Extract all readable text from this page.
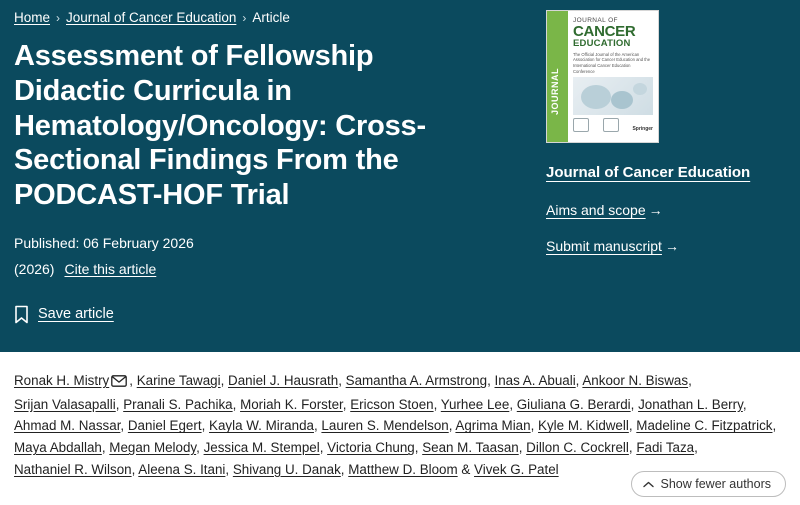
Home › Journal of Cancer Education › Article
Assessment of Fellowship Didactic Curricula in Hematology/Oncology: Cross-Sectional Findings From the PODCAST-HOF Trial

Published: 06 February 2026

(2026) Cite this article

Save article
JOURNAL
JOURNAL OF
CANCER
EDUCATION
The Official Journal of the American Association for Cancer Education and the International Cancer Education Conference
Springer
Journal of Cancer Education
Aims and scope →
Submit manuscript →
Ronak H. Mistry , Karine Tawagi, Daniel J. Hausrath, Samantha A. Armstrong, Inas A. Abuali, Ankoor N. Biswas, Srijan Valasapalli, Pranali S. Pachika, Moriah K. Forster, Ericson Stoen, Yurhee Lee, Giuliana G. Berardi, Jonathan L. Berry, Ahmad M. Nassar, Daniel Egert, Kayla W. Miranda, Lauren S. Mendelson, Agrima Mian, Kyle M. Kidwell, Madeline C. Fitzpatrick, Maya Abdallah, Megan Melody, Jessica M. Stempel, Victoria Chung, Sean M. Taasan, Dillon C. Cockrell, Fadi Taza, Nathaniel R. Wilson, Aleena S. Itani, Shivang U. Danak, Matthew D. Bloom & Vivek G. Patel
Show fewer authors
